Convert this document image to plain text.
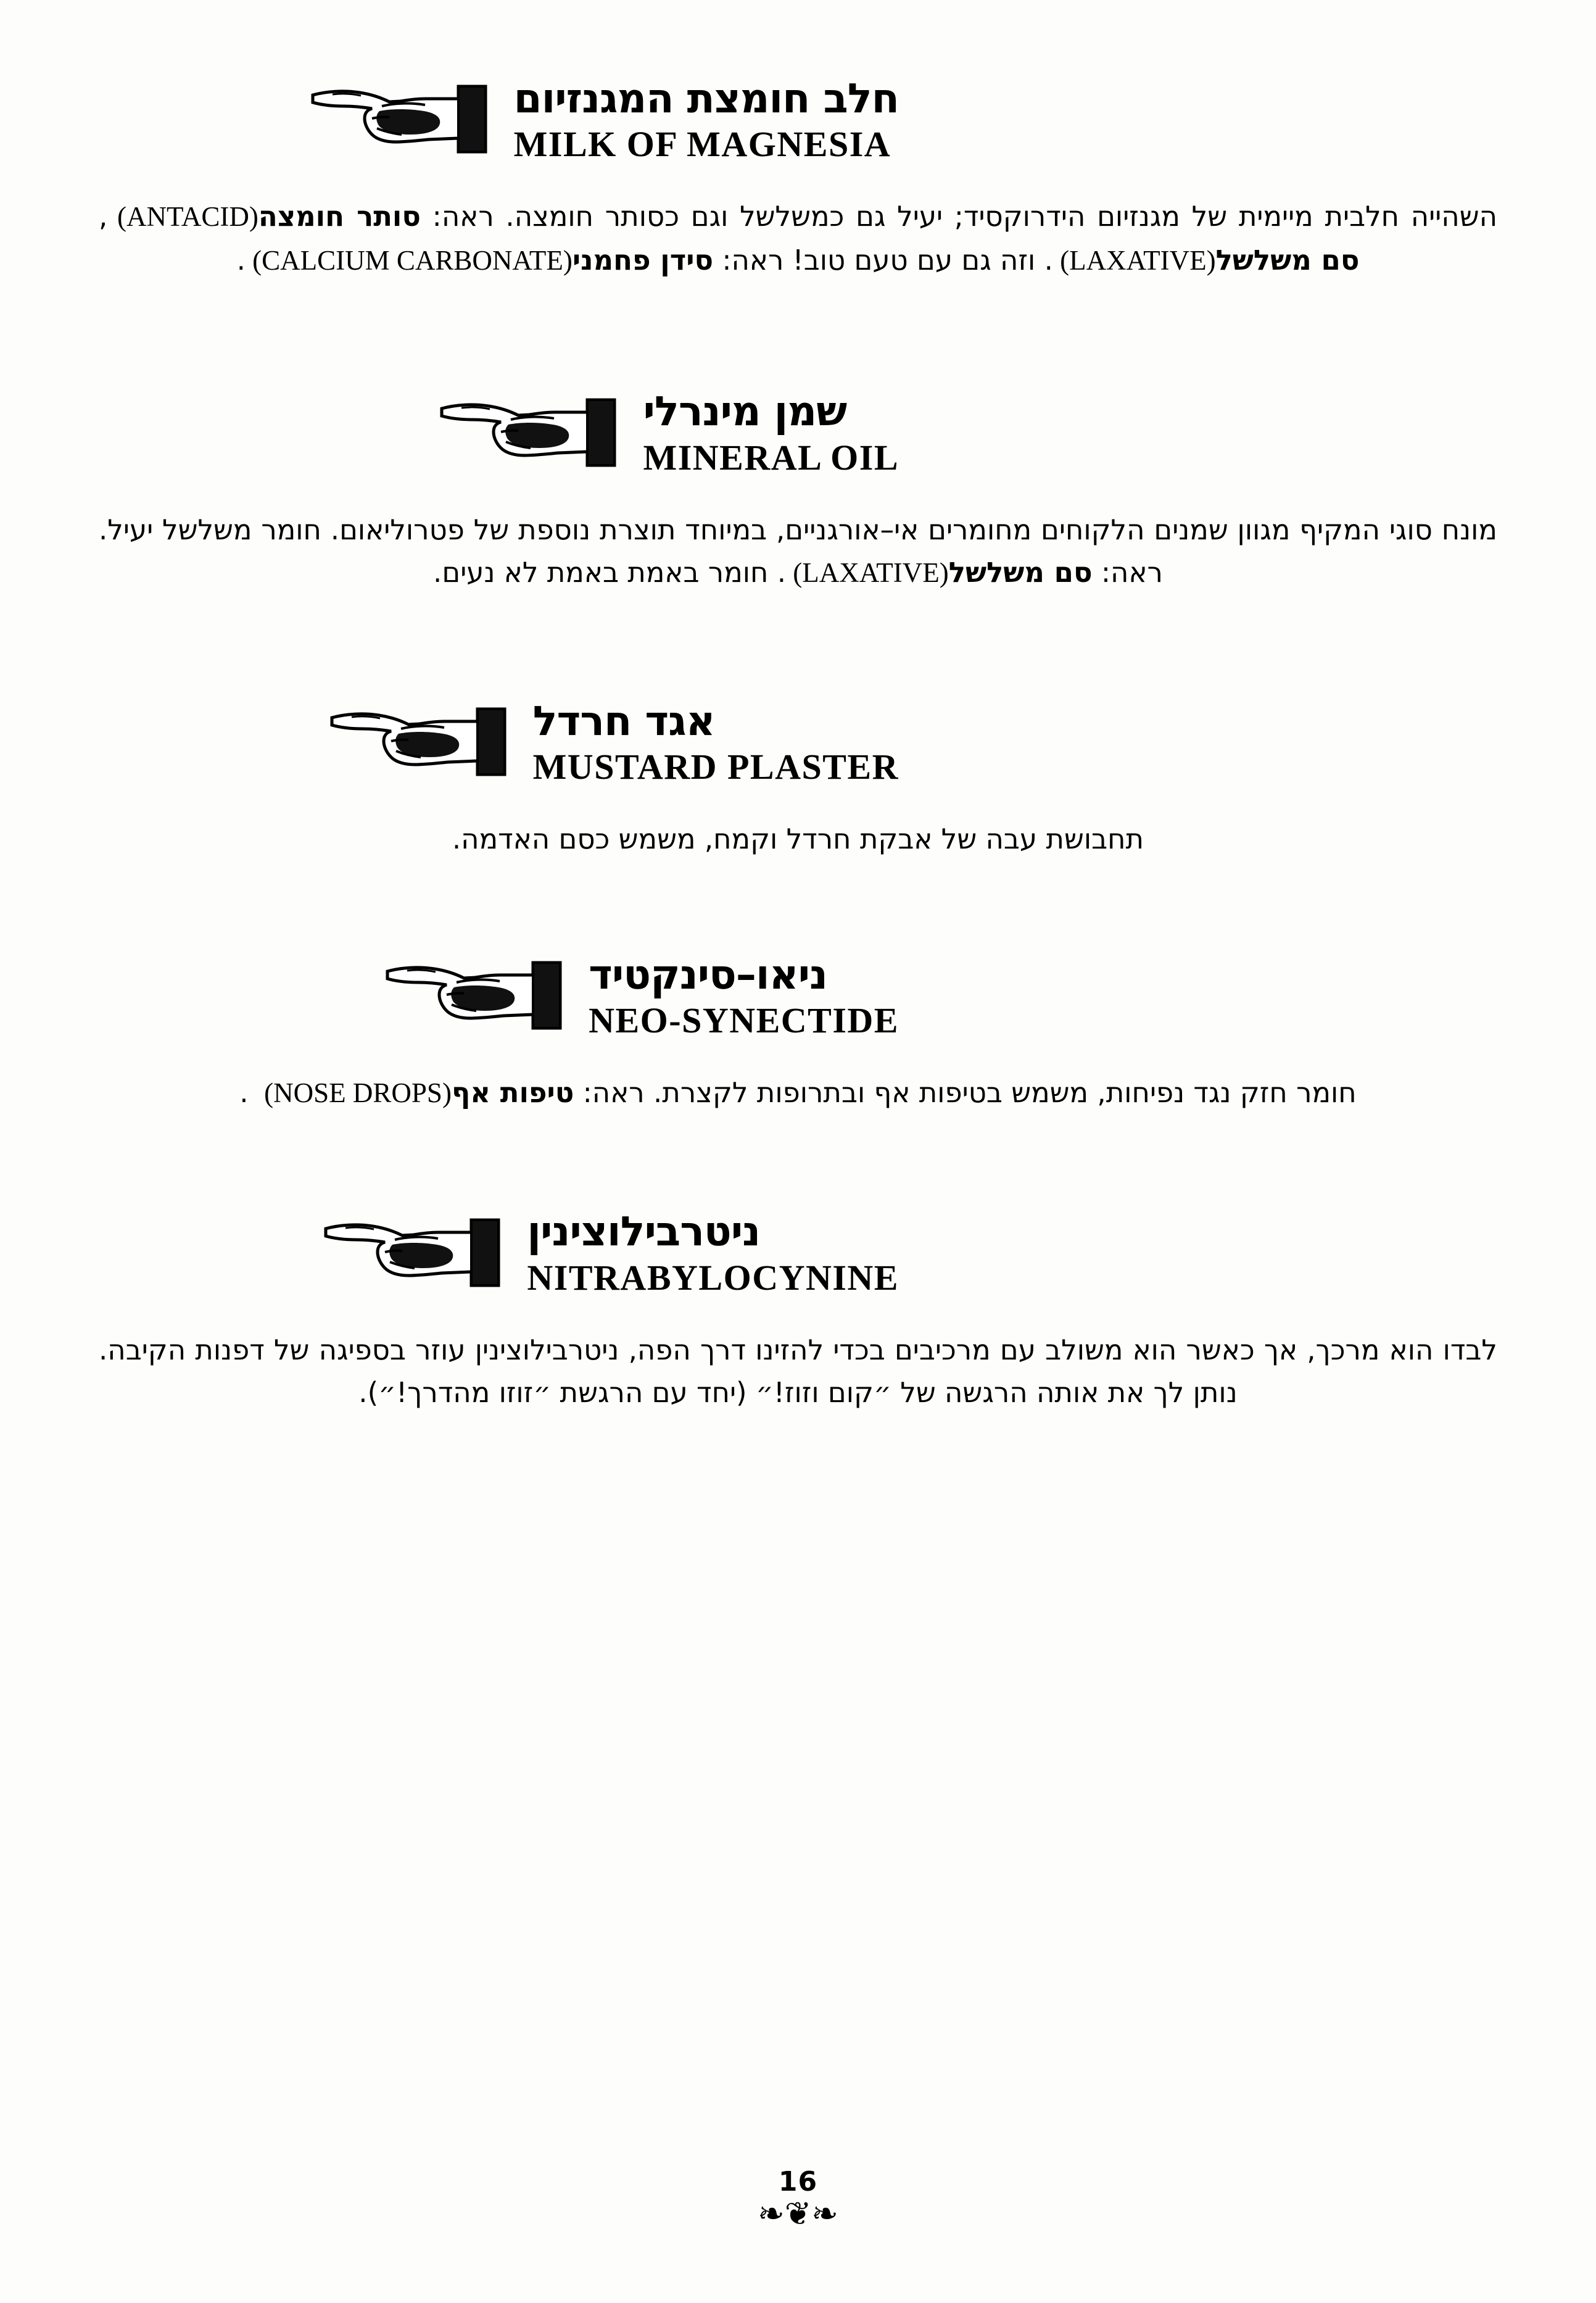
חלב חומצת המגנזיום
MILK OF MAGNESIA

השהייה חלבית מיימית של מגנזיום הידרוקסיד; יעיל גם כמשלשל וגם כסותר חומצה. ראה: סותר חומצה (ANTACID), סם משלשל (LAXATIVE). וזה גם עם טעם טוב! ראה: סידן פחמני (CALCIUM CARBONATE).

שמן מינרלי
MINERAL OIL

מונח סוגי המקיף מגוון שמנים הלקוחים מחומרים אי–אורגניים, במיוחד תוצרת נוספת של פטרוליאום. חומר משלשל יעיל. ראה: סם משלשל (LAXATIVE). חומר באמת באמת לא נעים.

אגד חרדל
MUSTARD PLASTER

תחבושת עבה של אבקת חרדל וקמח, משמש כסם האדמה.

ניאו–סינקטיד
NEO-SYNECTIDE

חומר חזק נגד נפיחות, משמש בטיפות אף ובתרופות לקצרת. ראה: טיפות אף (NOSE DROPS) .

ניטרבילוצינין
NITRABYLOCYNINE

לבדו הוא מרכך, אך כאשר הוא משולב עם מרכיבים בכדי להזינו דרך הפה, ניטרבילוצינין עוזר בספיגה של דפנות הקיבה. נותן לך את אותה הרגשה של ״קום וזוז!״ (יחד עם הרגשת ״זוזו מהדרך!״).

16
❧❦❧
